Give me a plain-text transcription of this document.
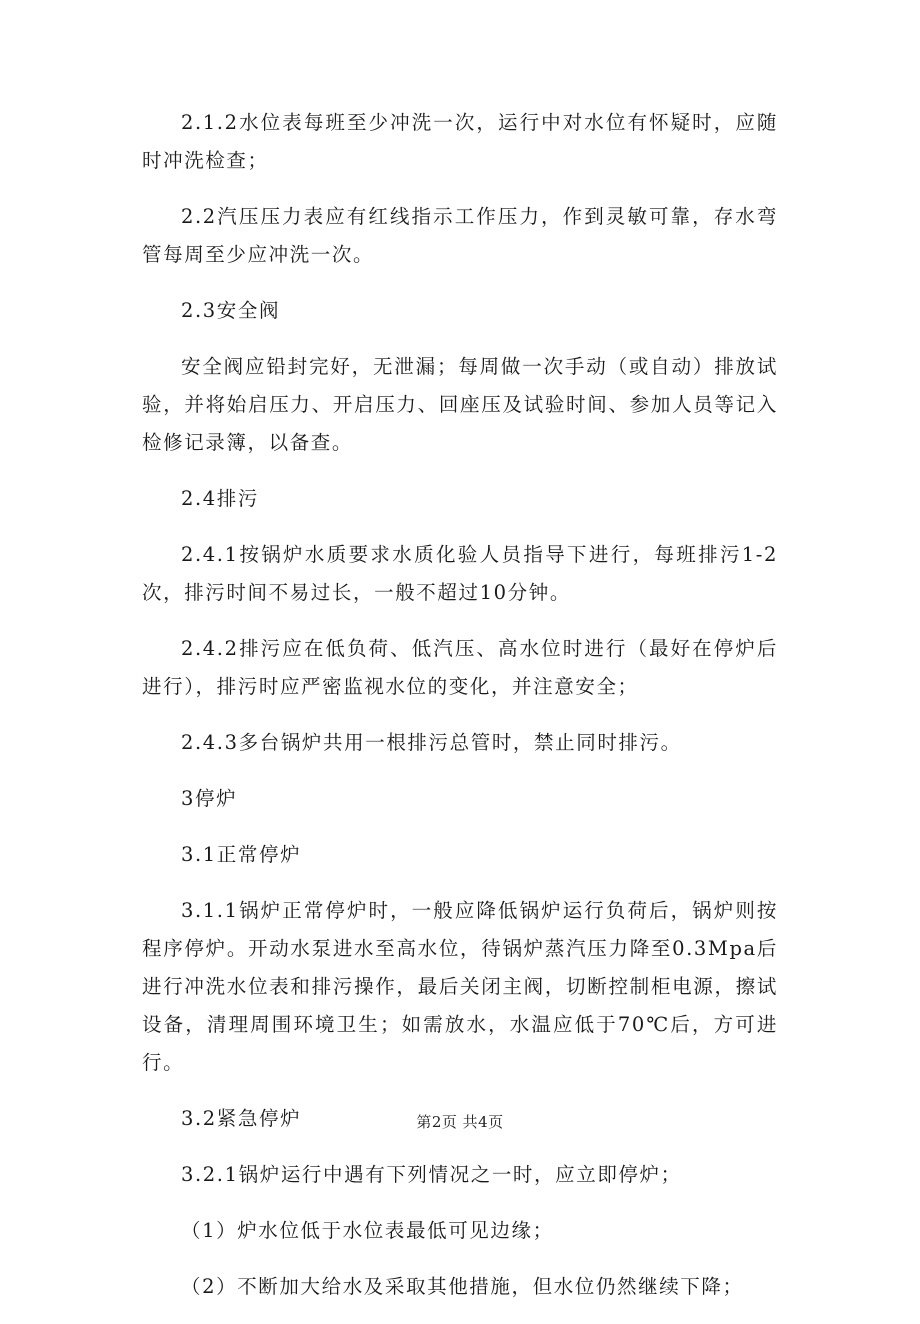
2.1.2水位表每班至少冲洗一次，运行中对水位有怀疑时，应随时冲洗检查；

2.2汽压压力表应有红线指示工作压力，作到灵敏可靠，存水弯管每周至少应冲洗一次。

2.3安全阀

安全阀应铅封完好，无泄漏；每周做一次手动（或自动）排放试验，并将始启压力、开启压力、回座压及试验时间、参加人员等记入检修记录簿，以备查。

2.4排污

2.4.1按锅炉水质要求水质化验人员指导下进行，每班排污1-2次，排污时间不易过长，一般不超过10分钟。

2.4.2排污应在低负荷、低汽压、高水位时进行（最好在停炉后进行），排污时应严密监视水位的变化，并注意安全；

2.4.3多台锅炉共用一根排污总管时，禁止同时排污。

3停炉

3.1正常停炉

3.1.1锅炉正常停炉时，一般应降低锅炉运行负荷后，锅炉则按程序停炉。开动水泵进水至高水位，待锅炉蒸汽压力降至0.3Mpa后进行冲洗水位表和排污操作，最后关闭主阀，切断控制柜电源，擦试设备，清理周围环境卫生；如需放水，水温应低于70℃后，方可进行。

3.2紧急停炉

3.2.1锅炉运行中遇有下列情况之一时，应立即停炉；

（1）炉水位低于水位表最低可见边缘；

（2）不断加大给水及采取其他措施，但水位仍然继续下降；

第2页 共4页
